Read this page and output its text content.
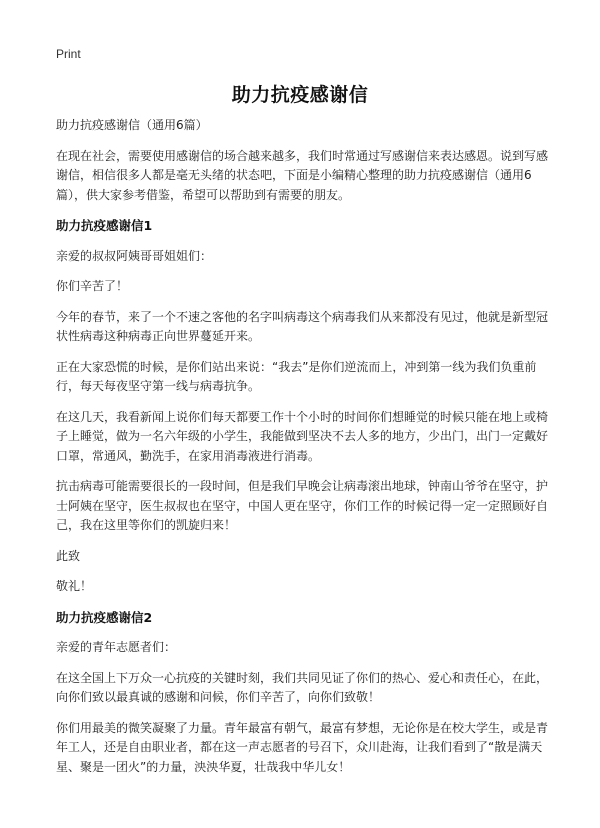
Print
助力抗疫感谢信

助力抗疫感谢信（通用6篇）

在现在社会，需要使用感谢信的场合越来越多，我们时常通过写感谢信来表达感恩。说到写感谢信，相信很多人都是毫无头绪的状态吧，下面是小编精心整理的助力抗疫感谢信（通用6篇），供大家参考借鉴，希望可以帮助到有需要的朋友。

助力抗疫感谢信1

亲爱的叔叔阿姨哥哥姐姐们：

你们辛苦了！

今年的春节，来了一个不速之客他的名字叫病毒这个病毒我们从来都没有见过，他就是新型冠状性病毒这种病毒正向世界蔓延开来。

正在大家恐慌的时候，是你们站出来说：“我去”是你们逆流而上，冲到第一线为我们负重前行，每天每夜坚守第一线与病毒抗争。

在这几天，我看新闻上说你们每天都要工作十个小时的时间你们想睡觉的时候只能在地上或椅子上睡觉，做为一名六年级的小学生，我能做到坚决不去人多的地方，少出门，出门一定戴好口罩，常通风，勤洗手，在家用消毒液进行消毒。

抗击病毒可能需要很长的一段时间，但是我们早晚会让病毒滚出地球，钟南山爷爷在坚守，护士阿姨在坚守，医生叔叔也在坚守，中国人更在坚守，你们工作的时候记得一定一定照顾好自己，我在这里等你们的凯旋归来！

此致

敬礼！

助力抗疫感谢信2

亲爱的青年志愿者们：

在这全国上下万众一心抗疫的关键时刻，我们共同见证了你们的热心、爱心和责任心，在此，向你们致以最真诚的感谢和问候，你们辛苦了，向你们致敬！

你们用最美的微笑凝聚了力量。青年最富有朝气，最富有梦想，无论你是在校大学生，或是青年工人，还是自由职业者，都在这一声志愿者的号召下，众川赴海，让我们看到了“散是满天星、聚是一团火”的力量，泱泱华夏，壮哉我中华儿女！
